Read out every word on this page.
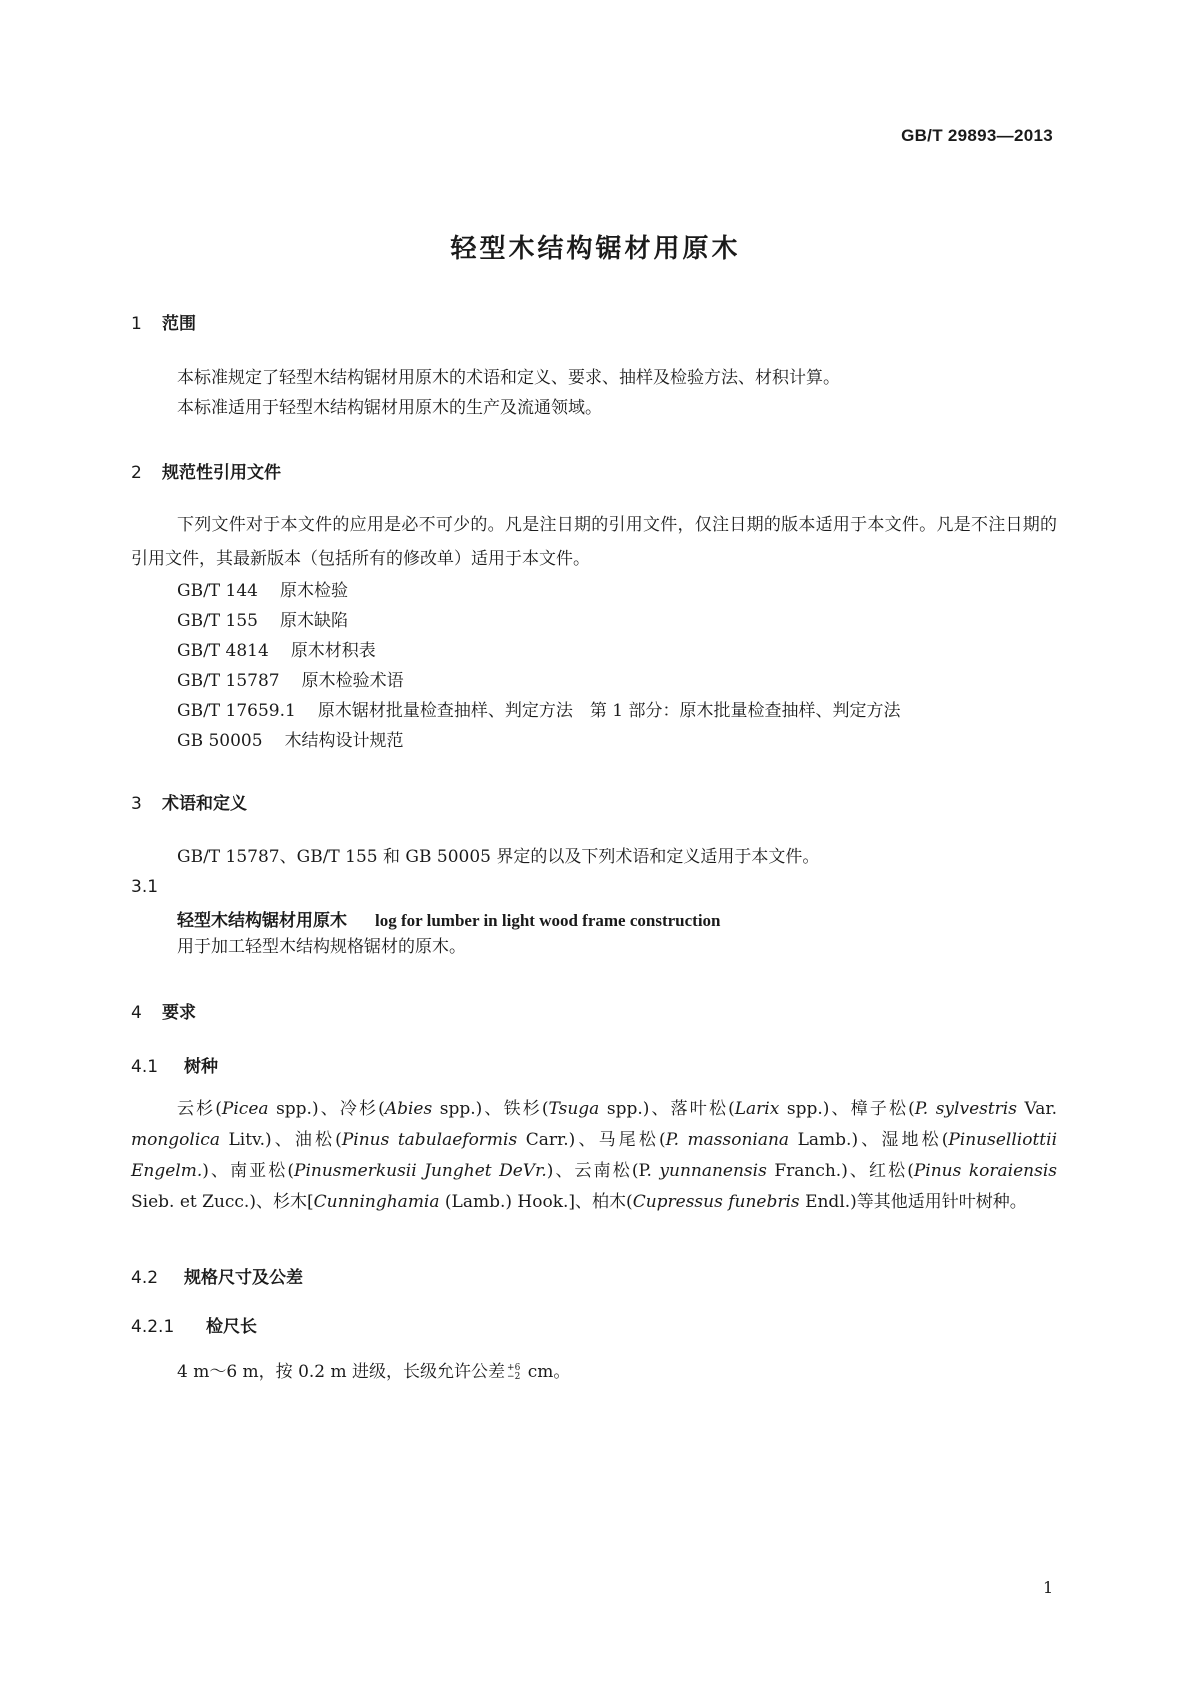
GB/T 29893—2013
轻型木结构锯材用原木
1 范围
本标准规定了轻型木结构锯材用原木的术语和定义、要求、抽样及检验方法、材积计算。
本标准适用于轻型木结构锯材用原木的生产及流通领域。
2 规范性引用文件
下列文件对于本文件的应用是必不可少的。凡是注日期的引用文件，仅注日期的版本适用于本文件。凡是不注日期的引用文件，其最新版本（包括所有的修改单）适用于本文件。
GB/T 144 原木检验
GB/T 155 原木缺陷
GB/T 4814 原木材积表
GB/T 15787 原木检验术语
GB/T 17659.1 原木锯材批量检查抽样、判定方法　第 1 部分：原木批量检查抽样、判定方法
GB 50005 木结构设计规范
3 术语和定义
GB/T 15787、GB/T 155 和 GB 50005 界定的以及下列术语和定义适用于本文件。
3.1
轻型木结构锯材用原木 log for lumber in light wood frame construction
用于加工轻型木结构规格锯材的原木。
4 要求
4.1 树种
云杉(Picea spp.)、冷杉(Abies spp.)、铁杉(Tsuga spp.)、落叶松(Larix spp.)、樟子松(P. sylvestris Var. mongolica Litv.)、油松(Pinus tabulaeformis Carr.)、马尾松(P. massoniana Lamb.)、湿地松(Pinuselliottii Engelm.)、南亚松(Pinusmerkusii Junghet DeVr.)、云南松(P. yunnanensis Franch.)、红松(Pinus koraiensis Sieb. et Zucc.)、杉木[Cunninghamia (Lamb.) Hook.]、柏木(Cupressus funebris Endl.)等其他适用针叶树种。
4.2 规格尺寸及公差
4.2.1 检尺长
4 m～6 m，按 0.2 m 进级，长级允许公差 +6
−2 cm。
1
